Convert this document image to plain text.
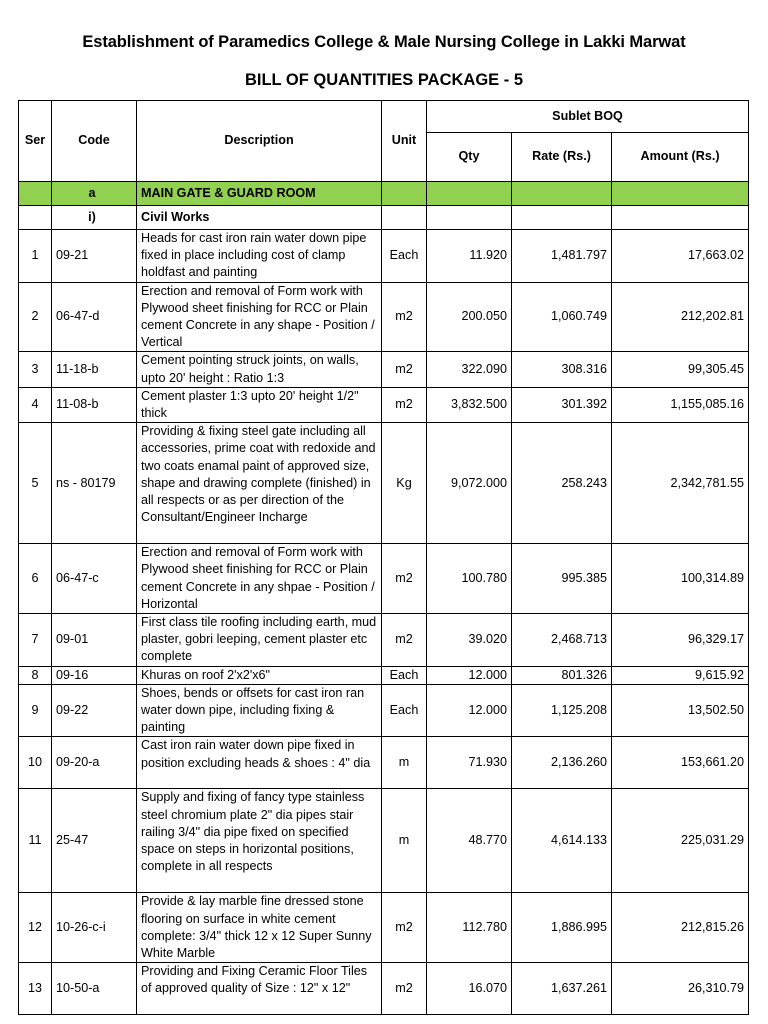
Establishment of Paramedics College & Male Nursing College in Lakki Marwat
BILL OF QUANTITIES PACKAGE - 5
Ser	Code	Description	Unit	Sublet BOQ		
				Qty	Rate (Rs.)	Amount (Rs.)
	a	MAIN GATE & GUARD ROOM				
	i)	Civil Works				
1	09-21	Heads for cast iron rain water down pipe fixed in place including cost of clamp holdfast and painting	Each	11.920	1,481.797	17,663.02
2	06-47-d	Erection and removal of Form work with Plywood sheet finishing for RCC or Plain cement Concrete in any shape - Position / Vertical	m2	200.050	1,060.749	212,202.81
3	11-18-b	Cement pointing struck joints, on walls, upto 20' height : Ratio 1:3	m2	322.090	308.316	99,305.45
4	11-08-b	Cement plaster 1:3 upto 20' height 1/2" thick	m2	3,832.500	301.392	1,155,085.16
5	ns - 80179	Providing & fixing steel gate including all accessories, prime coat with redoxide and two coats enamal paint of approved size, shape and drawing complete (finished) in all respects or as per direction of the Consultant/Engineer Incharge	Kg	9,072.000	258.243	2,342,781.55
6	06-47-c	Erection and removal of Form work with Plywood sheet finishing for RCC or Plain cement Concrete in any shpae - Position / Horizontal	m2	100.780	995.385	100,314.89
7	09-01	First class tile roofing including earth, mud plaster, gobri leeping, cement plaster etc complete	m2	39.020	2,468.713	96,329.17
8	09-16	Khuras on roof 2'x2'x6"	Each	12.000	801.326	9,615.92
9	09-22	Shoes, bends or offsets for cast iron ran water down pipe, including fixing & painting	Each	12.000	1,125.208	13,502.50
10	09-20-a	Cast iron rain water down pipe fixed in position excluding heads & shoes : 4" dia	m	71.930	2,136.260	153,661.20
11	25-47	Supply and fixing of fancy type stainless steel chromium plate 2" dia pipes stair railing 3/4" dia pipe fixed on specified space on steps in horizontal positions, complete in all respects	m	48.770	4,614.133	225,031.29
12	10-26-c-i	Provide & lay marble fine dressed stone flooring on surface in white cement complete: 3/4" thick 12 x 12 Super Sunny White Marble	m2	112.780	1,886.995	212,815.26
13	10-50-a	Providing and Fixing Ceramic Floor Tiles of approved quality of Size : 12" x 12"	m2	16.070	1,637.261	26,310.79
